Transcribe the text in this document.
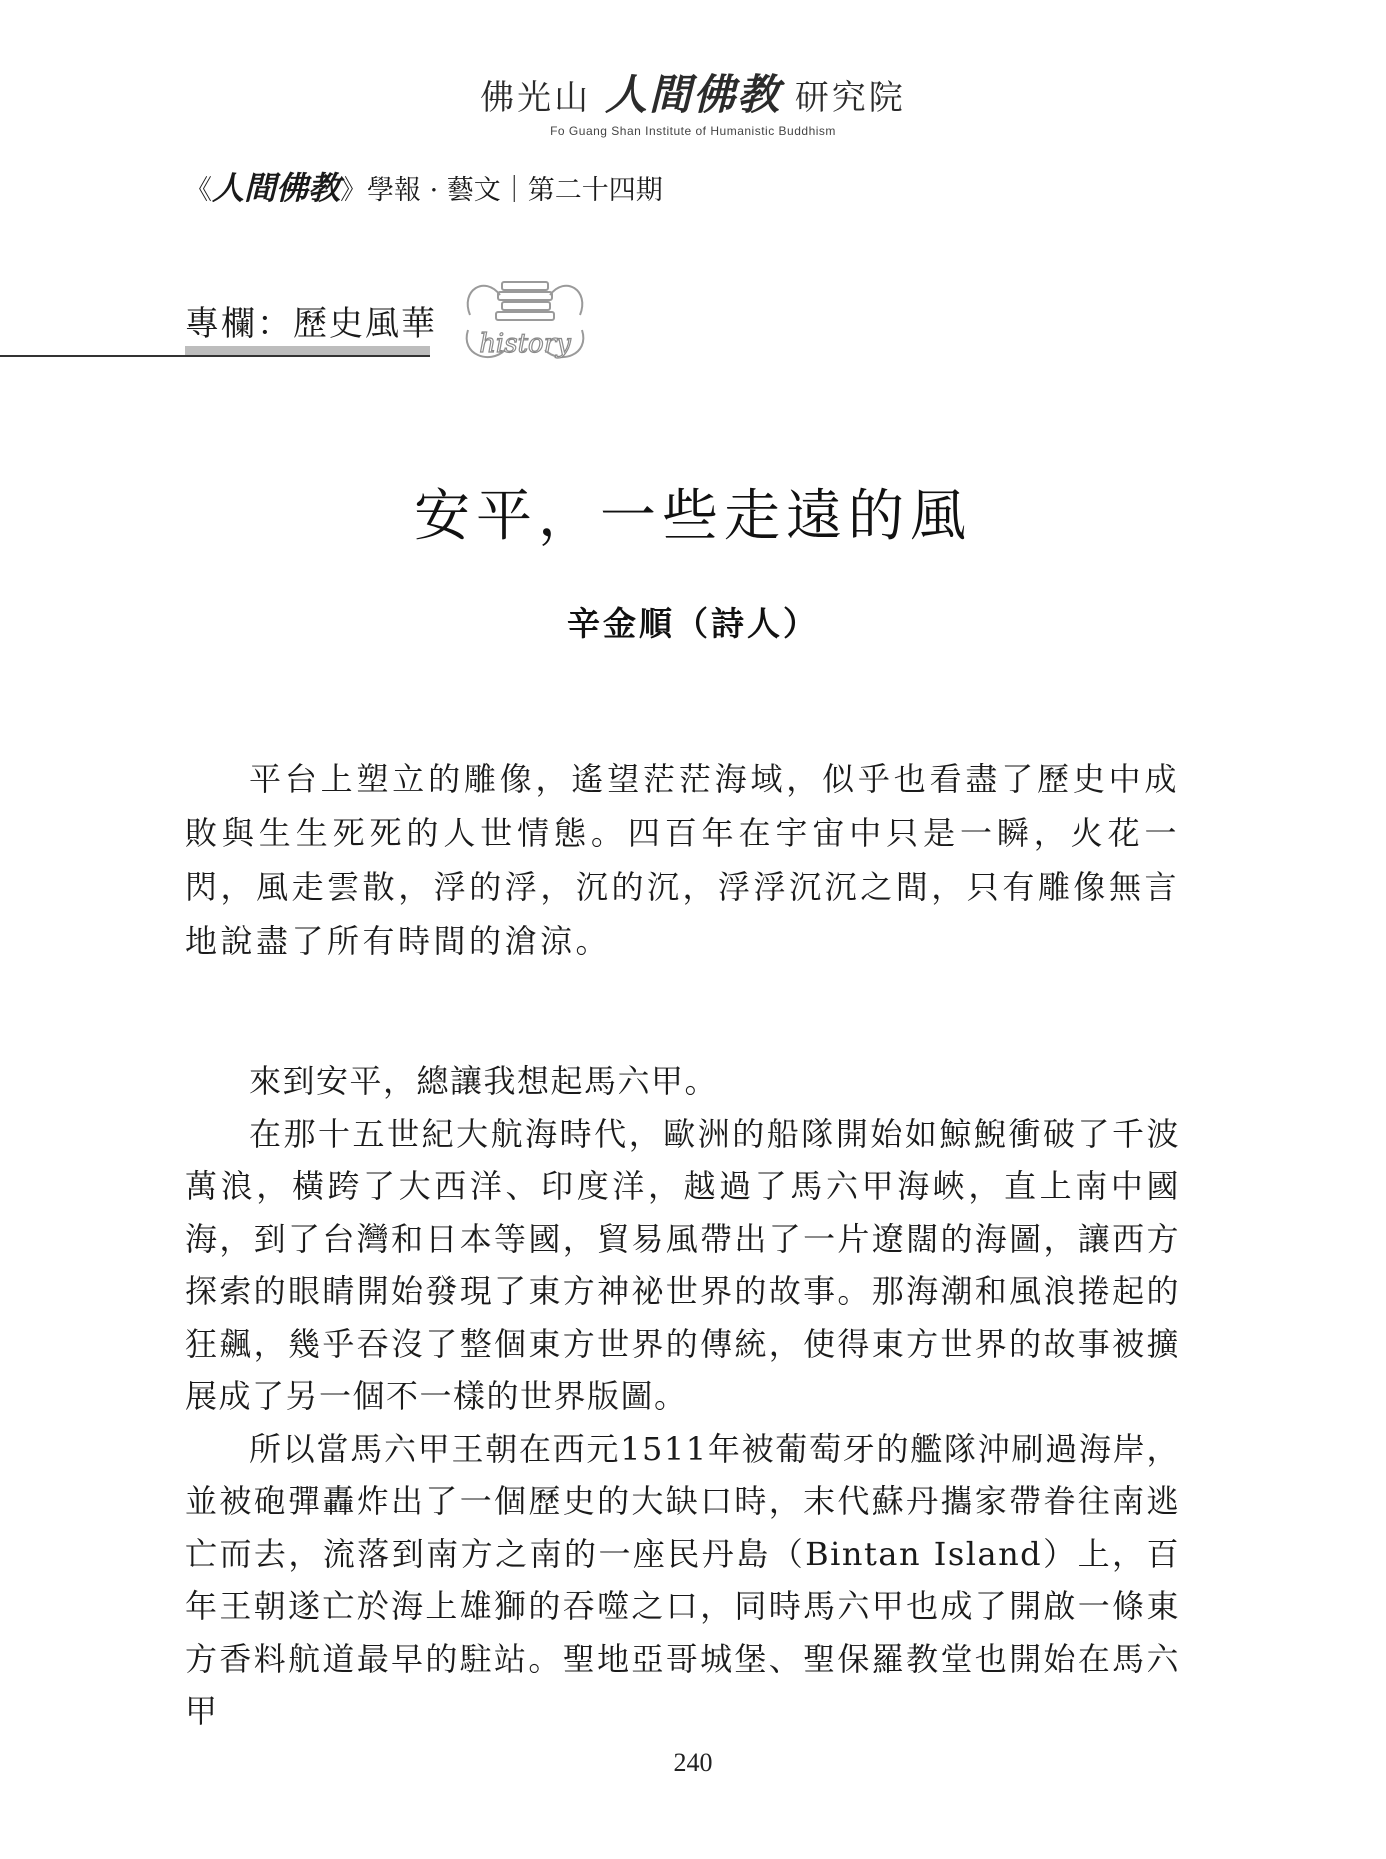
佛光山 人間佛教 研究院
Fo Guang Shan Institute of Humanistic Buddhism
《人間佛教》學報 · 藝文｜第二十四期
專欄：歷史風華 history
安平，一些走遠的風
辛金順（詩人）

平台上塑立的雕像，遙望茫茫海域，似乎也看盡了歷史中成敗與生生死死的人世情態。四百年在宇宙中只是一瞬，火花一閃，風走雲散，浮的浮，沉的沉，浮浮沉沉之間，只有雕像無言地說盡了所有時間的滄涼。

來到安平，總讓我想起馬六甲。

在那十五世紀大航海時代，歐洲的船隊開始如鯨鯢衝破了千波萬浪，橫跨了大西洋、印度洋，越過了馬六甲海峽，直上南中國海，到了台灣和日本等國，貿易風帶出了一片遼闊的海圖，讓西方探索的眼睛開始發現了東方神祕世界的故事。那海潮和風浪捲起的狂飆，幾乎吞沒了整個東方世界的傳統，使得東方世界的故事被擴展成了另一個不一樣的世界版圖。

所以當馬六甲王朝在西元1511年被葡萄牙的艦隊沖刷過海岸，並被砲彈轟炸出了一個歷史的大缺口時，末代蘇丹攜家帶眷往南逃亡而去，流落到南方之南的一座民丹島（Bintan Island）上，百年王朝遂亡於海上雄獅的吞噬之口，同時馬六甲也成了開啟一條東方香料航道最早的駐站。聖地亞哥城堡、聖保羅教堂也開始在馬六甲

240
